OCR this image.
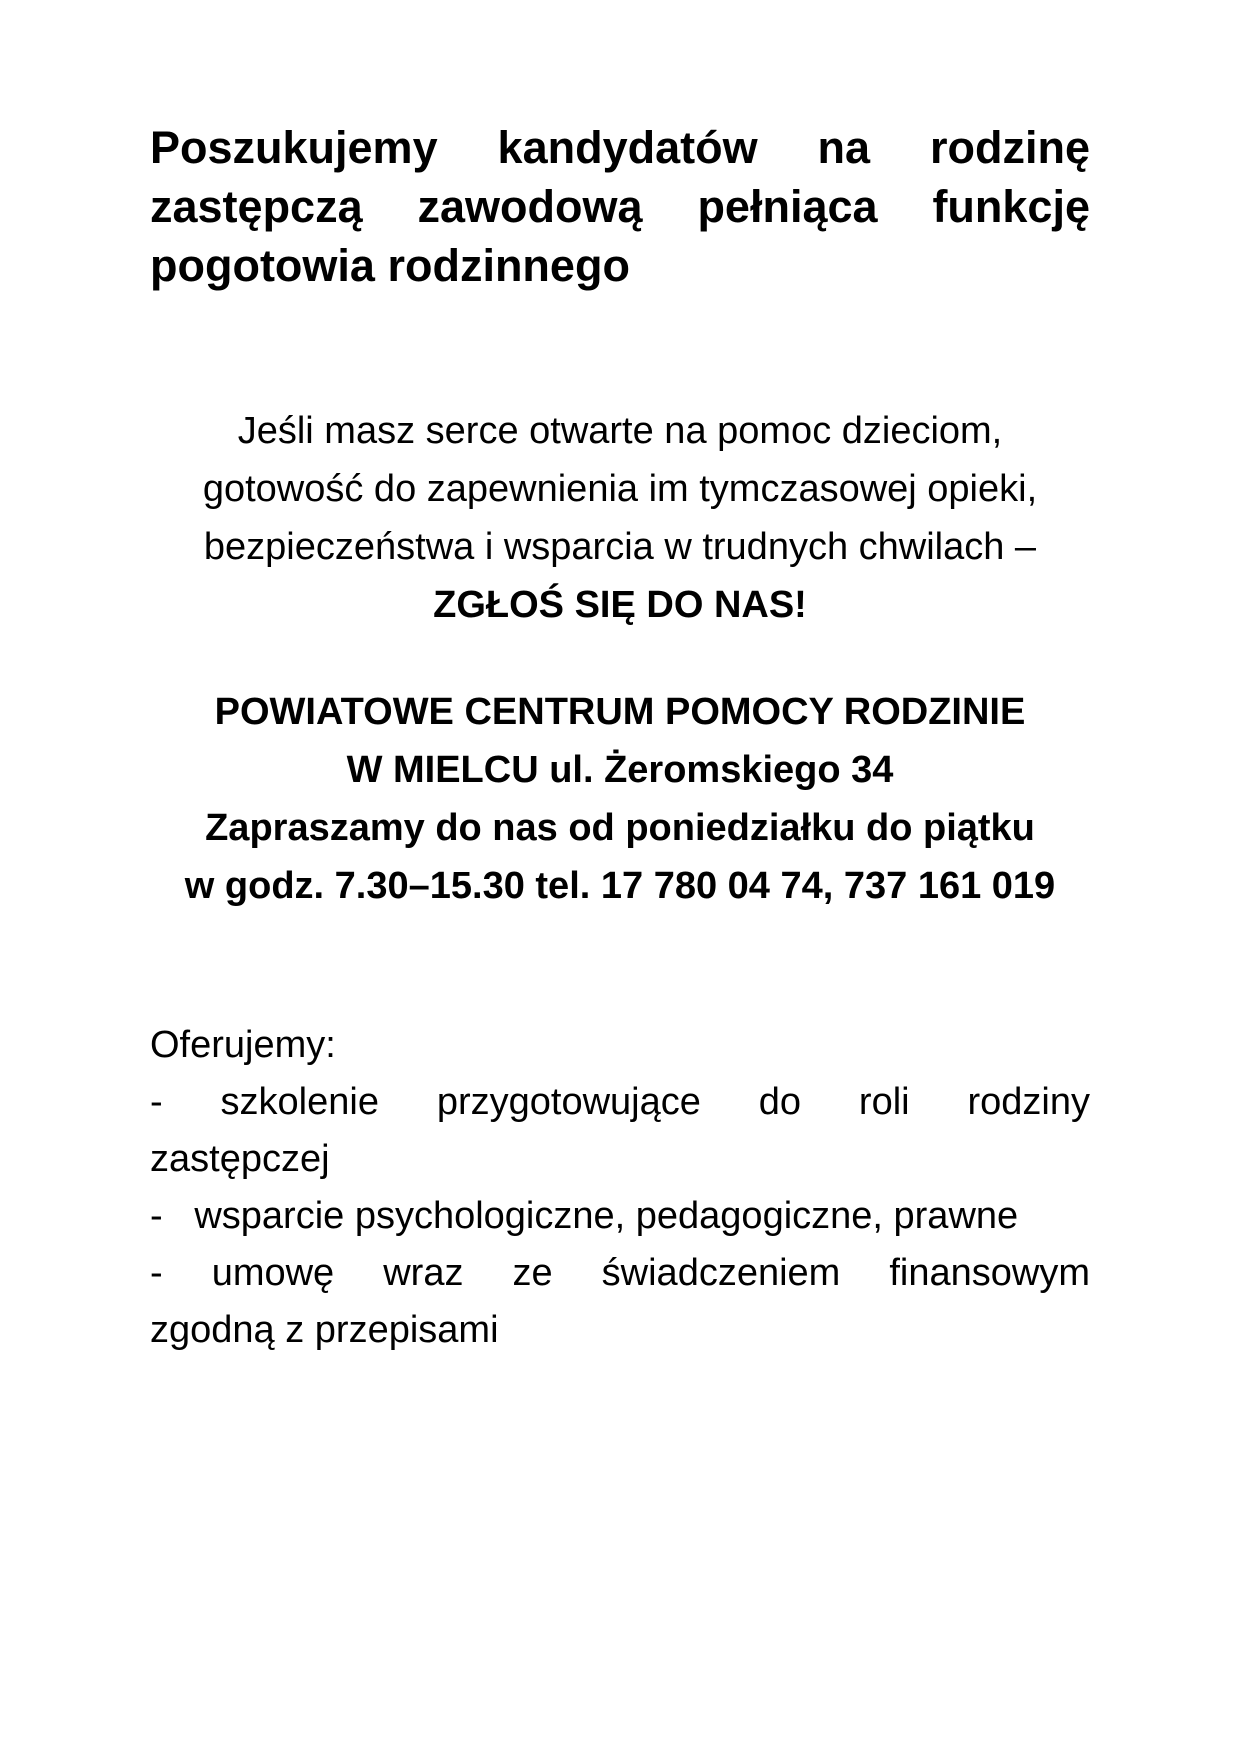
Poszukujemy kandydatów na rodzinę
zastępczą zawodową pełniąca funkcję
pogotowia rodzinnego
Jeśli masz serce otwarte na pomoc dzieciom,
gotowość do zapewnienia im tymczasowej opieki,
bezpieczeństwa i wsparcia w trudnych chwilach –
ZGŁOŚ SIĘ DO NAS!
POWIATOWE CENTRUM POMOCY RODZINIE
W MIELCU ul. Żeromskiego 34
Zapraszamy do nas od poniedziałku do piątku
w godz. 7.30–15.30 tel. 17 780 04 74, 737 161 019
Oferujemy:
- szkolenie przygotowujące do roli rodziny
zastępczej
-   wsparcie psychologiczne, pedagogiczne, prawne
- umowę wraz ze świadczeniem finansowym
zgodną z przepisami
